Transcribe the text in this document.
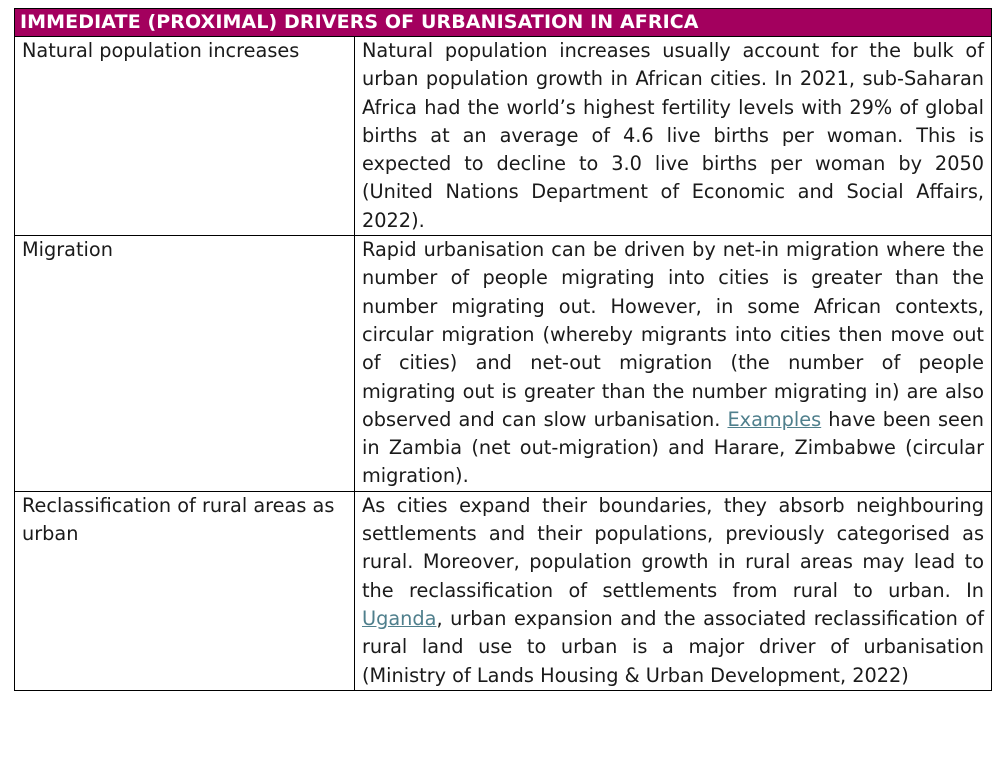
IMMEDIATE (PROXIMAL) DRIVERS OF URBANISATION IN AFRICA	
Natural population increases	Natural population increases usually account for the bulk of urban population growth in African cities. In 2021, sub-Saharan Africa had the world’s highest fertility levels with 29% of global births at an average of 4.6 live births per woman. This is expected to decline to 3.0 live births per woman by 2050 (United Nations Department of Economic and Social Affairs, 2022).
Migration	Rapid urbanisation can be driven by net-in migration where the number of people migrating into cities is greater than the number migrating out. However, in some African contexts, circular migration (whereby migrants into cities then move out of cities) and net-out migration (the number of people migrating out is greater than the number migrating in) are also observed and can slow urbanisation. Examples have been seen in Zambia (net out-migration) and Harare, Zimbabwe (circular migration).
Reclassification of rural areas as urban	As cities expand their boundaries, they absorb neighbouring settlements and their populations, previously categorised as rural. Moreover, population growth in rural areas may lead to the reclassification of settlements from rural to urban. In Uganda, urban expansion and the associated reclassification of rural land use to urban is a major driver of urbanisation (Ministry of Lands Housing & Urban Development, 2022)
